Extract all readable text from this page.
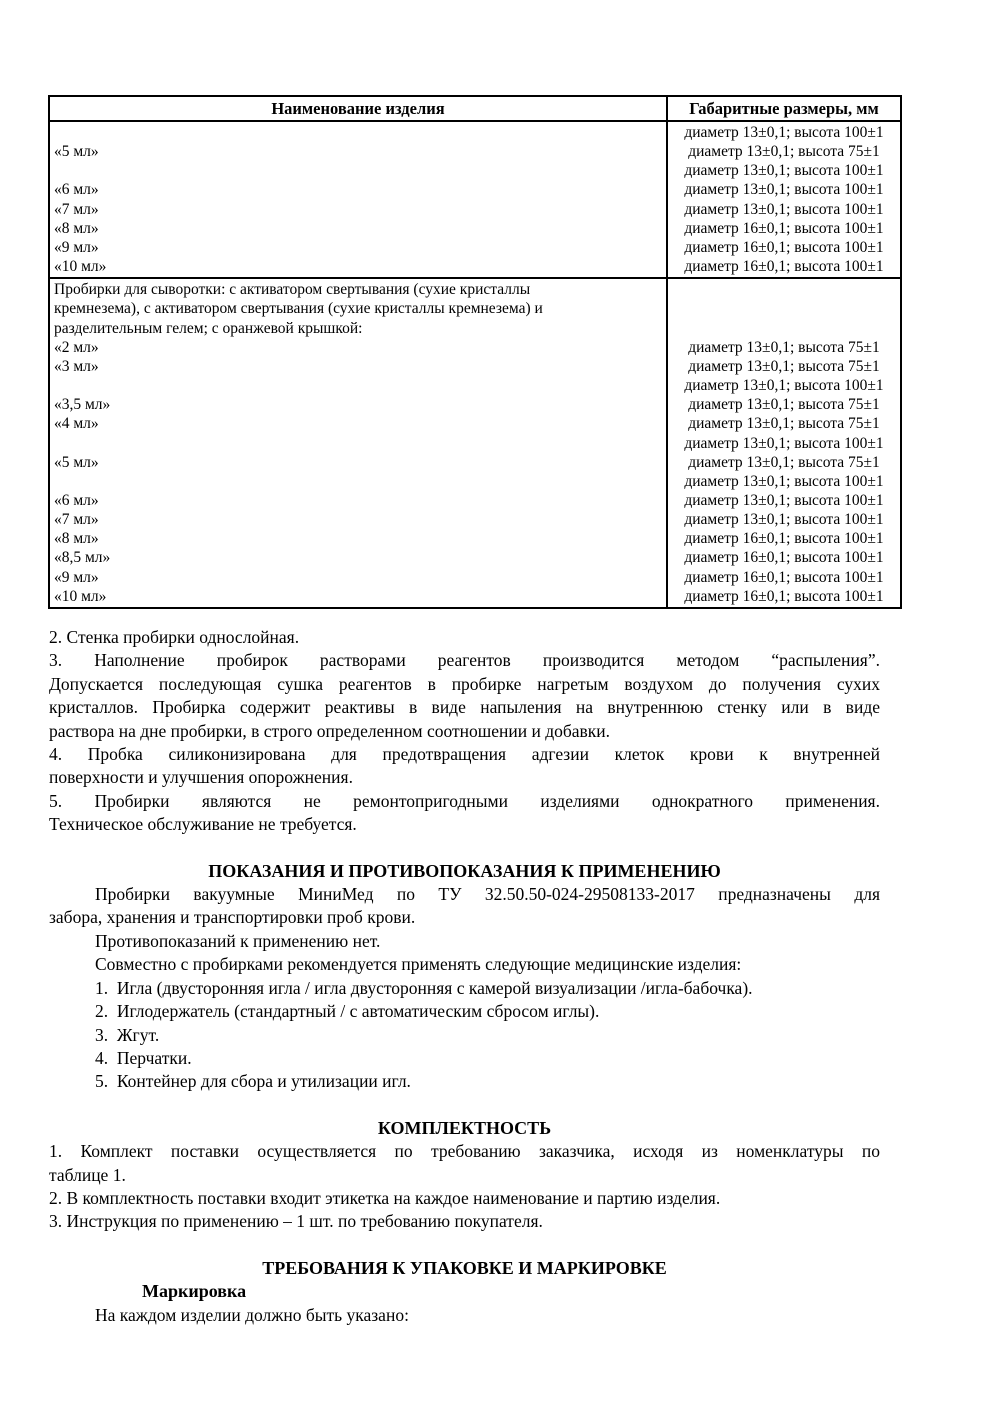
Наименование изделия	Габаритные размеры, мм

«5 мл»

«6 мл»
«7 мл»
«8 мл»
«9 мл»
«10 мл»
диаметр 13±0,1; высота 100±1
диаметр 13±0,1; высота 75±1
диаметр 13±0,1; высота 100±1
диаметр 13±0,1; высота 100±1
диаметр 13±0,1; высота 100±1
диаметр 16±0,1; высота 100±1
диаметр 16±0,1; высота 100±1
диаметр 16±0,1; высота 100±1
Пробирки для сыворотки: с активатором свертывания (сухие кристаллы
кремнезема), с активатором свертывания (сухие кристаллы кремнезема) и
разделительным гелем; с оранжевой крышкой:
«2 мл»
«3 мл»

«3,5 мл»
«4 мл»

«5 мл»

«6 мл»
«7 мл»
«8 мл»
«8,5 мл»
«9 мл»
«10 мл»

диаметр 13±0,1; высота 75±1
диаметр 13±0,1; высота 75±1
диаметр 13±0,1; высота 100±1
диаметр 13±0,1; высота 75±1
диаметр 13±0,1; высота 75±1
диаметр 13±0,1; высота 100±1
диаметр 13±0,1; высота 75±1
диаметр 13±0,1; высота 100±1
диаметр 13±0,1; высота 100±1
диаметр 13±0,1; высота 100±1
диаметр 16±0,1; высота 100±1
диаметр 16±0,1; высота 100±1
диаметр 16±0,1; высота 100±1
диаметр 16±0,1; высота 100±1
2. Стенка пробирки однослойная.
3. Наполнение пробирок растворами реагентов производится методом “распыления”.
Допускается последующая сушка реагентов в пробирке нагретым воздухом до получения сухих
кристаллов. Пробирка содержит реактивы в виде напыления на внутреннюю стенку или в виде
раствора на дне пробирки, в строго определенном соотношении и добавки.
4. Пробка силиконизирована для предотвращения адгезии клеток крови к внутренней
поверхности и улучшения опорожнения.
5. Пробирки являются не ремонтопригодными изделиями однократного применения.
Техническое обслуживание не требуется.
ПОКАЗАНИЯ И ПРОТИВОПОКАЗАНИЯ К ПРИМЕНЕНИЮ
Пробирки вакуумные МиниМед по ТУ 32.50.50-024-29508133-2017 предназначены для
забора, хранения и транспортировки проб крови.
Противопоказаний к применению нет.
Совместно с пробирками рекомендуется применять следующие медицинские изделия:
1.  Игла (двусторонняя игла / игла двусторонняя с камерой визуализации /игла-бабочка).
2.  Иглодержатель (стандартный / с автоматическим сбросом иглы).
3.  Жгут.
4.  Перчатки.
5.  Контейнер для сбора и утилизации игл.
КОМПЛЕКТНОСТЬ
1. Комплект поставки осуществляется по требованию заказчика, исходя из номенклатуры по
таблице 1.
2. В комплектность поставки входит этикетка на каждое наименование и партию изделия.
3. Инструкция по применению – 1 шт. по требованию покупателя.
ТРЕБОВАНИЯ К УПАКОВКЕ И МАРКИРОВКЕ
Маркировка
На каждом изделии должно быть указано:
